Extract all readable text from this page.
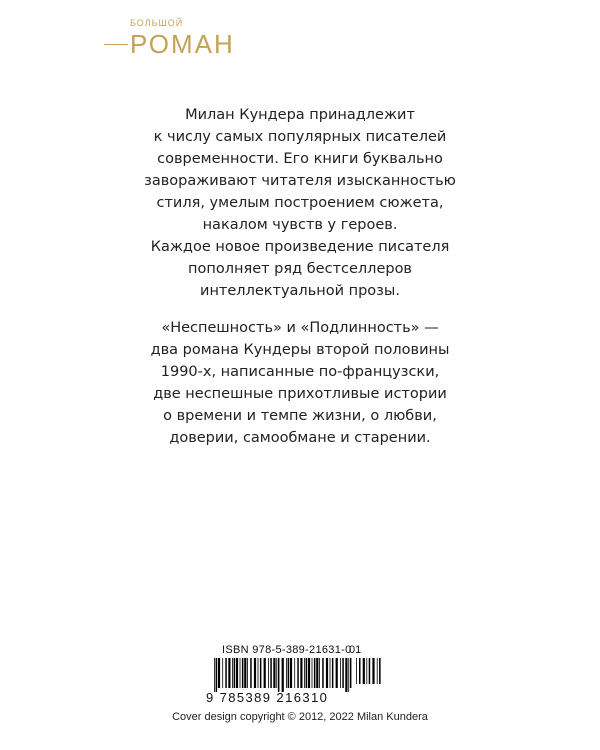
БОЛЬШОЙ
РОМАН
Милан Кундера принадлежит
к числу самых популярных писателей
современности. Его книги буквально
завораживают читателя изысканностью
стиля, умелым построением сюжета,
накалом чувств у героев.
Каждое новое произведение писателя
пополняет ряд бестселлеров
интеллектуальной прозы.
«Неспешность» и «Подлинность» —
два романа Кундеры второй половины
1990-х, написанные по-французски,
две неспешные прихотливые истории
о времени и темпе жизни, о любви,
доверии, самообмане и старении.
ISBN 978-5-389-21631-0
01
9 785389 216310
Cover design copyright © 2012, 2022 Milan Kundera
